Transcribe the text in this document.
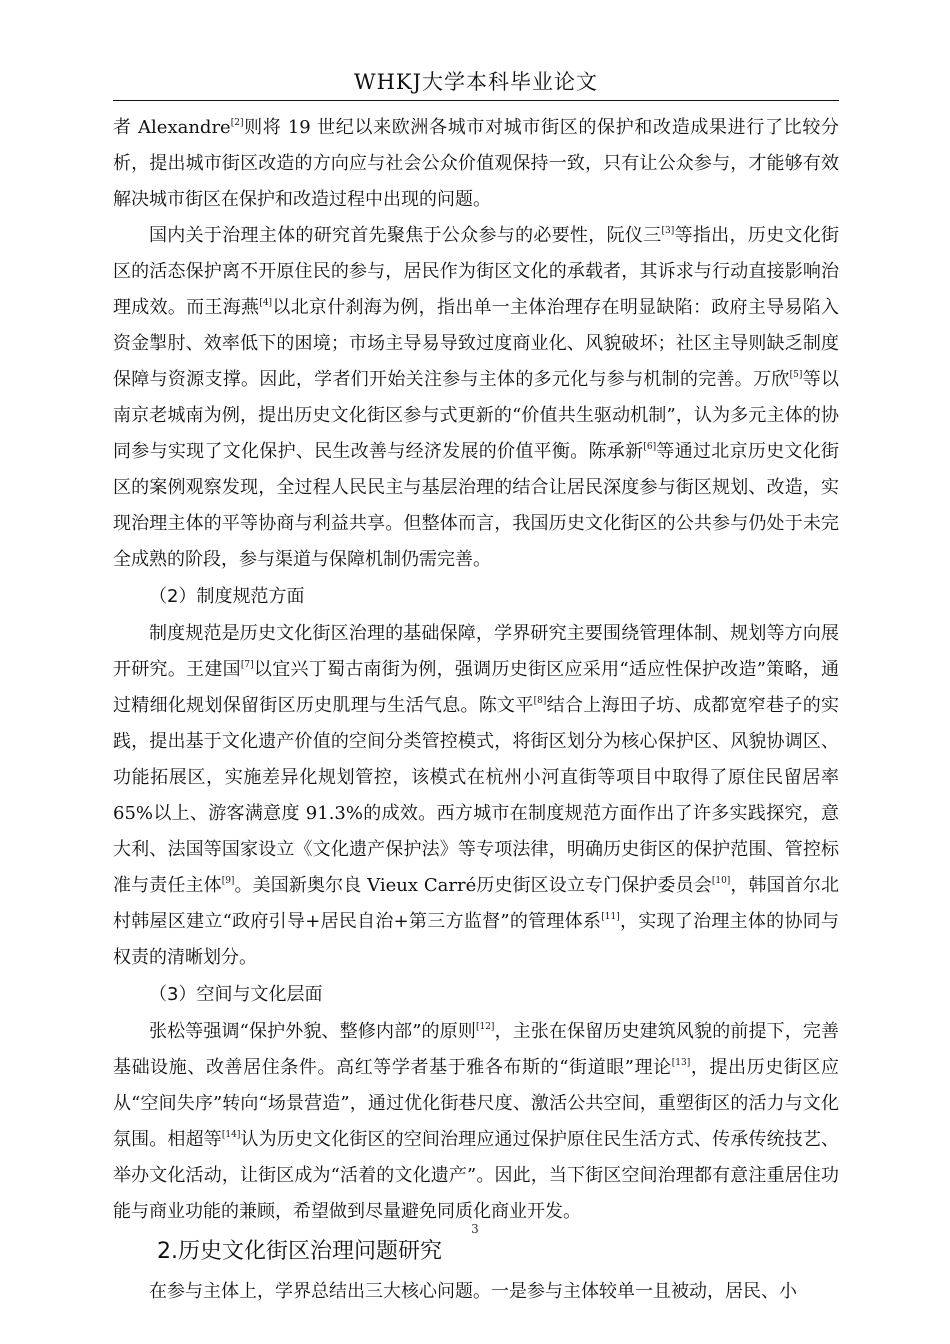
WHKJ大学本科毕业论文

者 Alexandre[2]则将 19 世纪以来欧洲各城市对城市街区的保护和改造成果进行了比较分析，提出城市街区改造的方向应与社会公众价值观保持一致，只有让公众参与，才能够有效解决城市街区在保护和改造过程中出现的问题。

国内关于治理主体的研究首先聚焦于公众参与的必要性，阮仪三[3]等指出，历史文化街区的活态保护离不开原住民的参与，居民作为街区文化的承载者，其诉求与行动直接影响治理成效。而王海燕[4]以北京什刹海为例，指出单一主体治理存在明显缺陷：政府主导易陷入资金掣肘、效率低下的困境；市场主导易导致过度商业化、风貌破坏；社区主导则缺乏制度保障与资源支撑。因此，学者们开始关注参与主体的多元化与参与机制的完善。万欣[5]等以南京老城南为例，提出历史文化街区参与式更新的“价值共生驱动机制”，认为多元主体的协同参与实现了文化保护、民生改善与经济发展的价值平衡。陈承新[6]等通过北京历史文化街区的案例观察发现，全过程人民民主与基层治理的结合让居民深度参与街区规划、改造，实现治理主体的平等协商与利益共享。但整体而言，我国历史文化街区的公共参与仍处于未完全成熟的阶段，参与渠道与保障机制仍需完善。

（2）制度规范方面

制度规范是历史文化街区治理的基础保障，学界研究主要围绕管理体制、规划等方向展开研究。王建国[7]以宜兴丁蜀古南街为例，强调历史街区应采用“适应性保护改造”策略，通过精细化规划保留街区历史肌理与生活气息。陈文平[8]结合上海田子坊、成都宽窄巷子的实践，提出基于文化遗产价值的空间分类管控模式，将街区划分为核心保护区、风貌协调区、功能拓展区，实施差异化规划管控，该模式在杭州小河直街等项目中取得了原住民留居率 65%以上、游客满意度 91.3%的成效。西方城市在制度规范方面作出了许多实践探究，意大利、法国等国家设立《文化遗产保护法》等专项法律，明确历史街区的保护范围、管控标准与责任主体[9]。美国新奥尔良 Vieux Carré历史街区设立专门保护委员会[10]，韩国首尔北村韩屋区建立“政府引导+居民自治+第三方监督”的管理体系[11]，实现了治理主体的协同与权责的清晰划分。

（3）空间与文化层面

张松等强调“保护外貌、整修内部”的原则[12]，主张在保留历史建筑风貌的前提下，完善基础设施、改善居住条件。高红等学者基于雅各布斯的“街道眼”理论[13]，提出历史街区应从“空间失序”转向“场景营造”，通过优化街巷尺度、激活公共空间，重塑街区的活力与文化氛围。相超等[14]认为历史文化街区的空间治理应通过保护原住民生活方式、传承传统技艺、举办文化活动，让街区成为“活着的文化遗产”。因此，当下街区空间治理都有意注重居住功能与商业功能的兼顾，希望做到尽量避免同质化商业开发。

2.历史文化街区治理问题研究

在参与主体上，学界总结出三大核心问题。一是参与主体较单一且被动，居民、小

3
